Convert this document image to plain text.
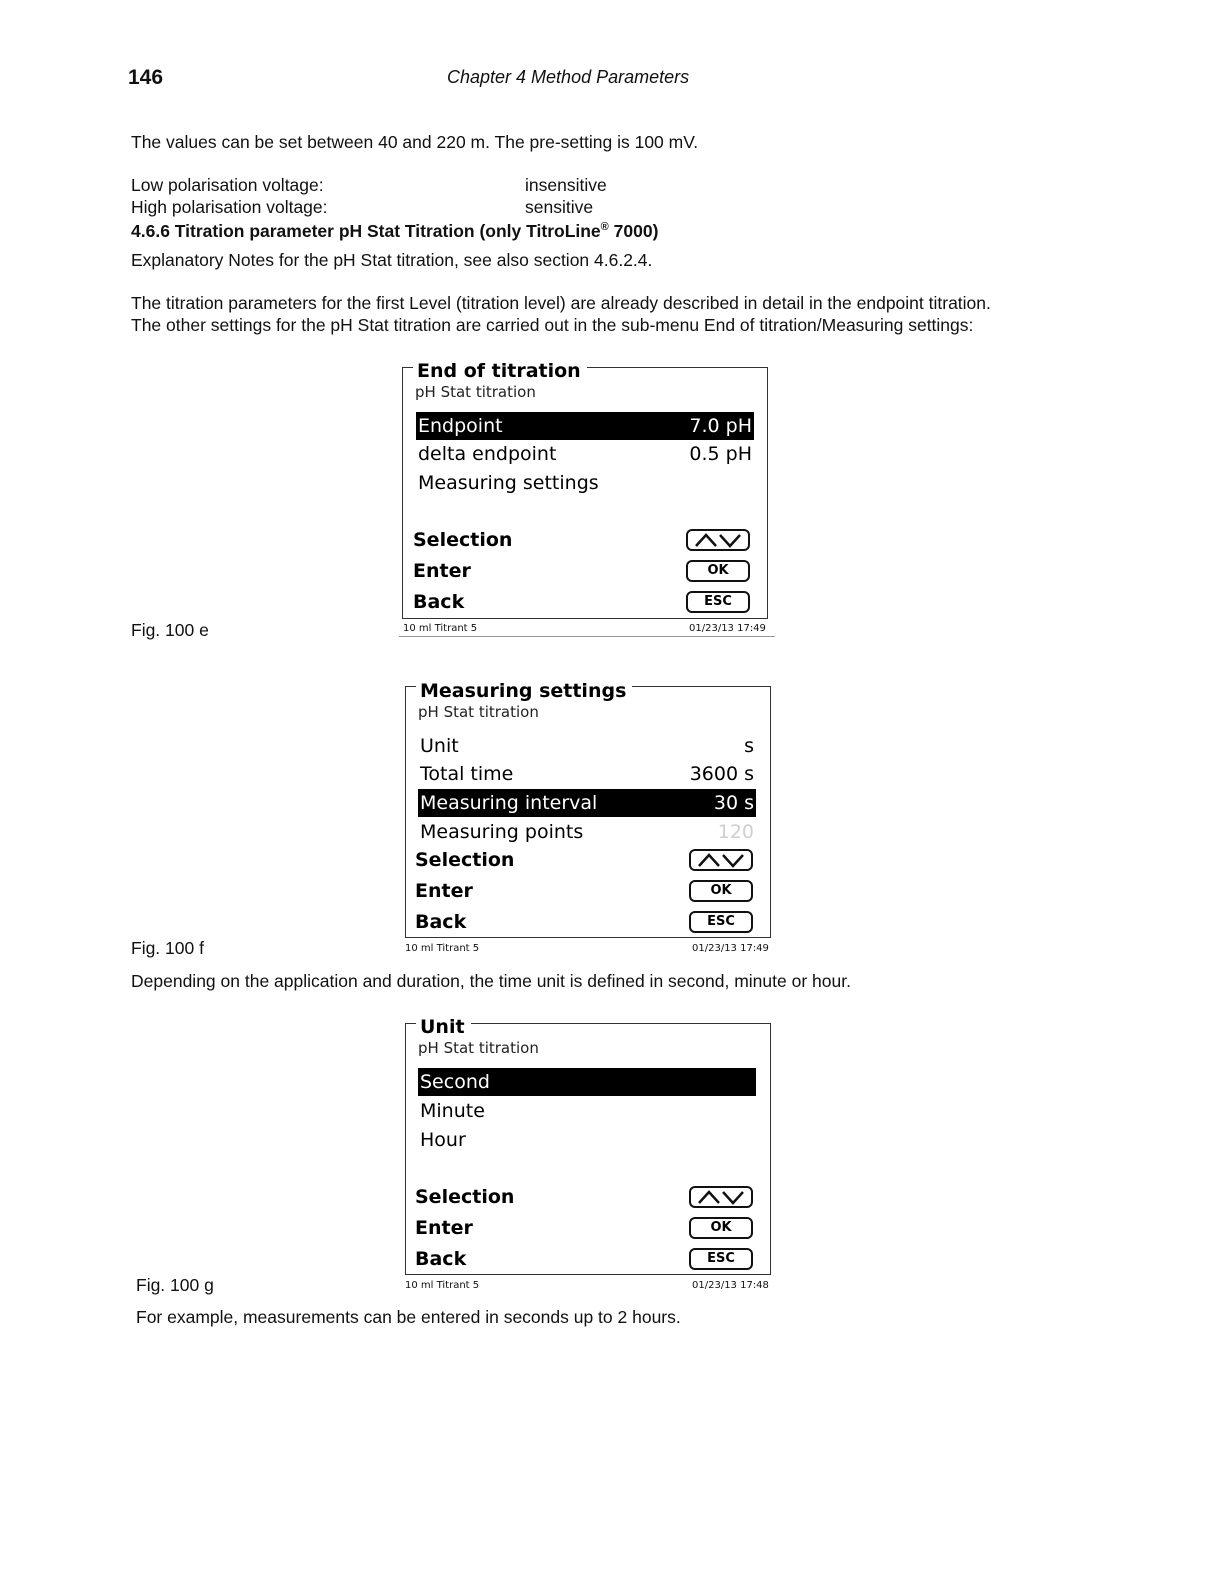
146	Chapter 4 Method Parameters
The values can be set between 40 and 220 m. The pre-setting is 100 mV.
Low polarisation voltage:	insensitive
High polarisation voltage:	sensitive
4.6.6 Titration parameter pH Stat Titration (only TitroLine® 7000)
Explanatory Notes for the pH Stat titration, see also section 4.6.2.4.
The titration parameters for the first Level (titration level) are already described in detail in the endpoint titration.
The other settings for the pH Stat titration are carried out in the sub-menu End of titration/Measuring settings:
End of titration
pH Stat titration
Endpoint	7.0 pH
delta endpoint	0.5 pH
Measuring settings
Selection
Enter	OK
Back	ESC
10 ml Titrant 5	01/23/13 17:49
Fig. 100 e
Measuring settings
pH Stat titration
Unit	s
Total time	3600 s
Measuring interval	30 s
Measuring points	120
Selection
Enter	OK
Back	ESC
10 ml Titrant 5	01/23/13 17:49
Fig. 100 f
Depending on the application and duration, the time unit is defined in second, minute or hour.
Unit
pH Stat titration
Second
Minute
Hour
Selection
Enter	OK
Back	ESC
10 ml Titrant 5	01/23/13 17:48
Fig. 100 g
For example, measurements can be entered in seconds up to 2 hours.
